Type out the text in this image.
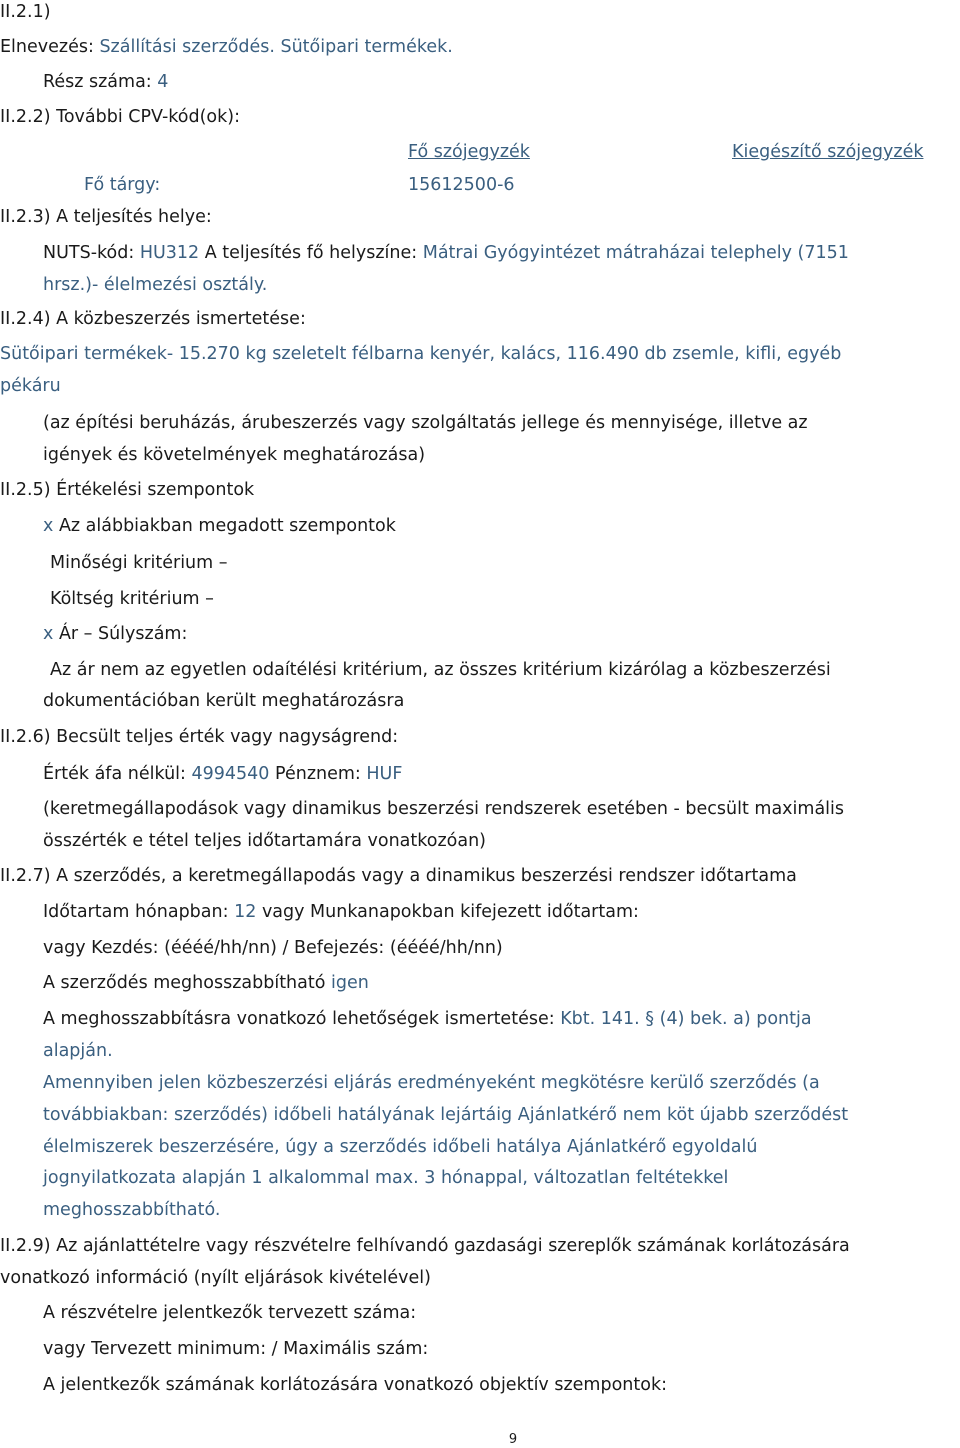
II.2.1)
Elnevezés: Szállítási szerződés. Sütőipari termékek.
Rész száma: 4
II.2.2) További CPV-kód(ok):
Fő szójegyzék	Kiegészítő szójegyzék
Fő tárgy:	15612500-6
II.2.3) A teljesítés helye:
NUTS-kód: HU312 A teljesítés fő helyszíne: Mátrai Gyógyintézet mátraházai telephely (7151
hrsz.)- élelmezési osztály.
II.2.4) A közbeszerzés ismertetése:
Sütőipari termékek- 15.270 kg szeletelt félbarna kenyér, kalács, 116.490 db zsemle, kifli, egyéb
pékáru
(az építési beruházás, árubeszerzés vagy szolgáltatás jellege és mennyisége, illetve az
igények és követelmények meghatározása)
II.2.5) Értékelési szempontok
x Az alábbiakban megadott szempontok
Minőségi kritérium –
Költség kritérium –
x Ár – Súlyszám:
Az ár nem az egyetlen odaítélési kritérium, az összes kritérium kizárólag a közbeszerzési
dokumentációban került meghatározásra
II.2.6) Becsült teljes érték vagy nagyságrend:
Érték áfa nélkül: 4994540 Pénznem: HUF
(keretmegállapodások vagy dinamikus beszerzési rendszerek esetében - becsült maximális
összérték e tétel teljes időtartamára vonatkozóan)
II.2.7) A szerződés, a keretmegállapodás vagy a dinamikus beszerzési rendszer időtartama
Időtartam hónapban: 12 vagy Munkanapokban kifejezett időtartam:
vagy Kezdés: (éééé/hh/nn) / Befejezés: (éééé/hh/nn)
A szerződés meghosszabbítható igen
A meghosszabbításra vonatkozó lehetőségek ismertetése: Kbt. 141. § (4) bek. a) pontja
alapján.
Amennyiben jelen közbeszerzési eljárás eredményeként megkötésre kerülő szerződés (a
továbbiakban: szerződés) időbeli hatályának lejártáig Ajánlatkérő nem köt újabb szerződést
élelmiszerek beszerzésére, úgy a szerződés időbeli hatálya Ajánlatkérő egyoldalú
jognyilatkozata alapján 1 alkalommal max. 3 hónappal, változatlan feltétekkel
meghosszabbítható.
II.2.9) Az ajánlattételre vagy részvételre felhívandó gazdasági szereplők számának korlátozására
vonatkozó információ (nyílt eljárások kivételével)
A részvételre jelentkezők tervezett száma:
vagy Tervezett minimum: / Maximális szám:
A jelentkezők számának korlátozására vonatkozó objektív szempontok:
9
